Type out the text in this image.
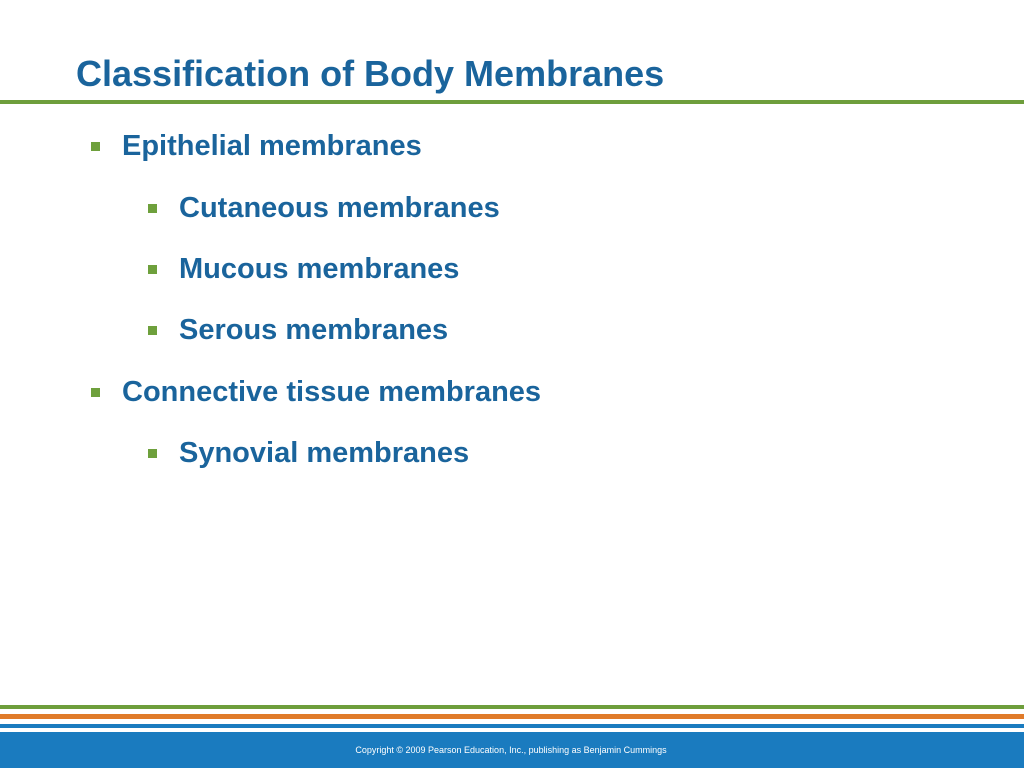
Classification of Body Membranes
Epithelial membranes
Cutaneous membranes
Mucous membranes
Serous membranes
Connective tissue membranes
Synovial membranes
Copyright © 2009 Pearson Education, Inc., publishing as Benjamin Cummings
